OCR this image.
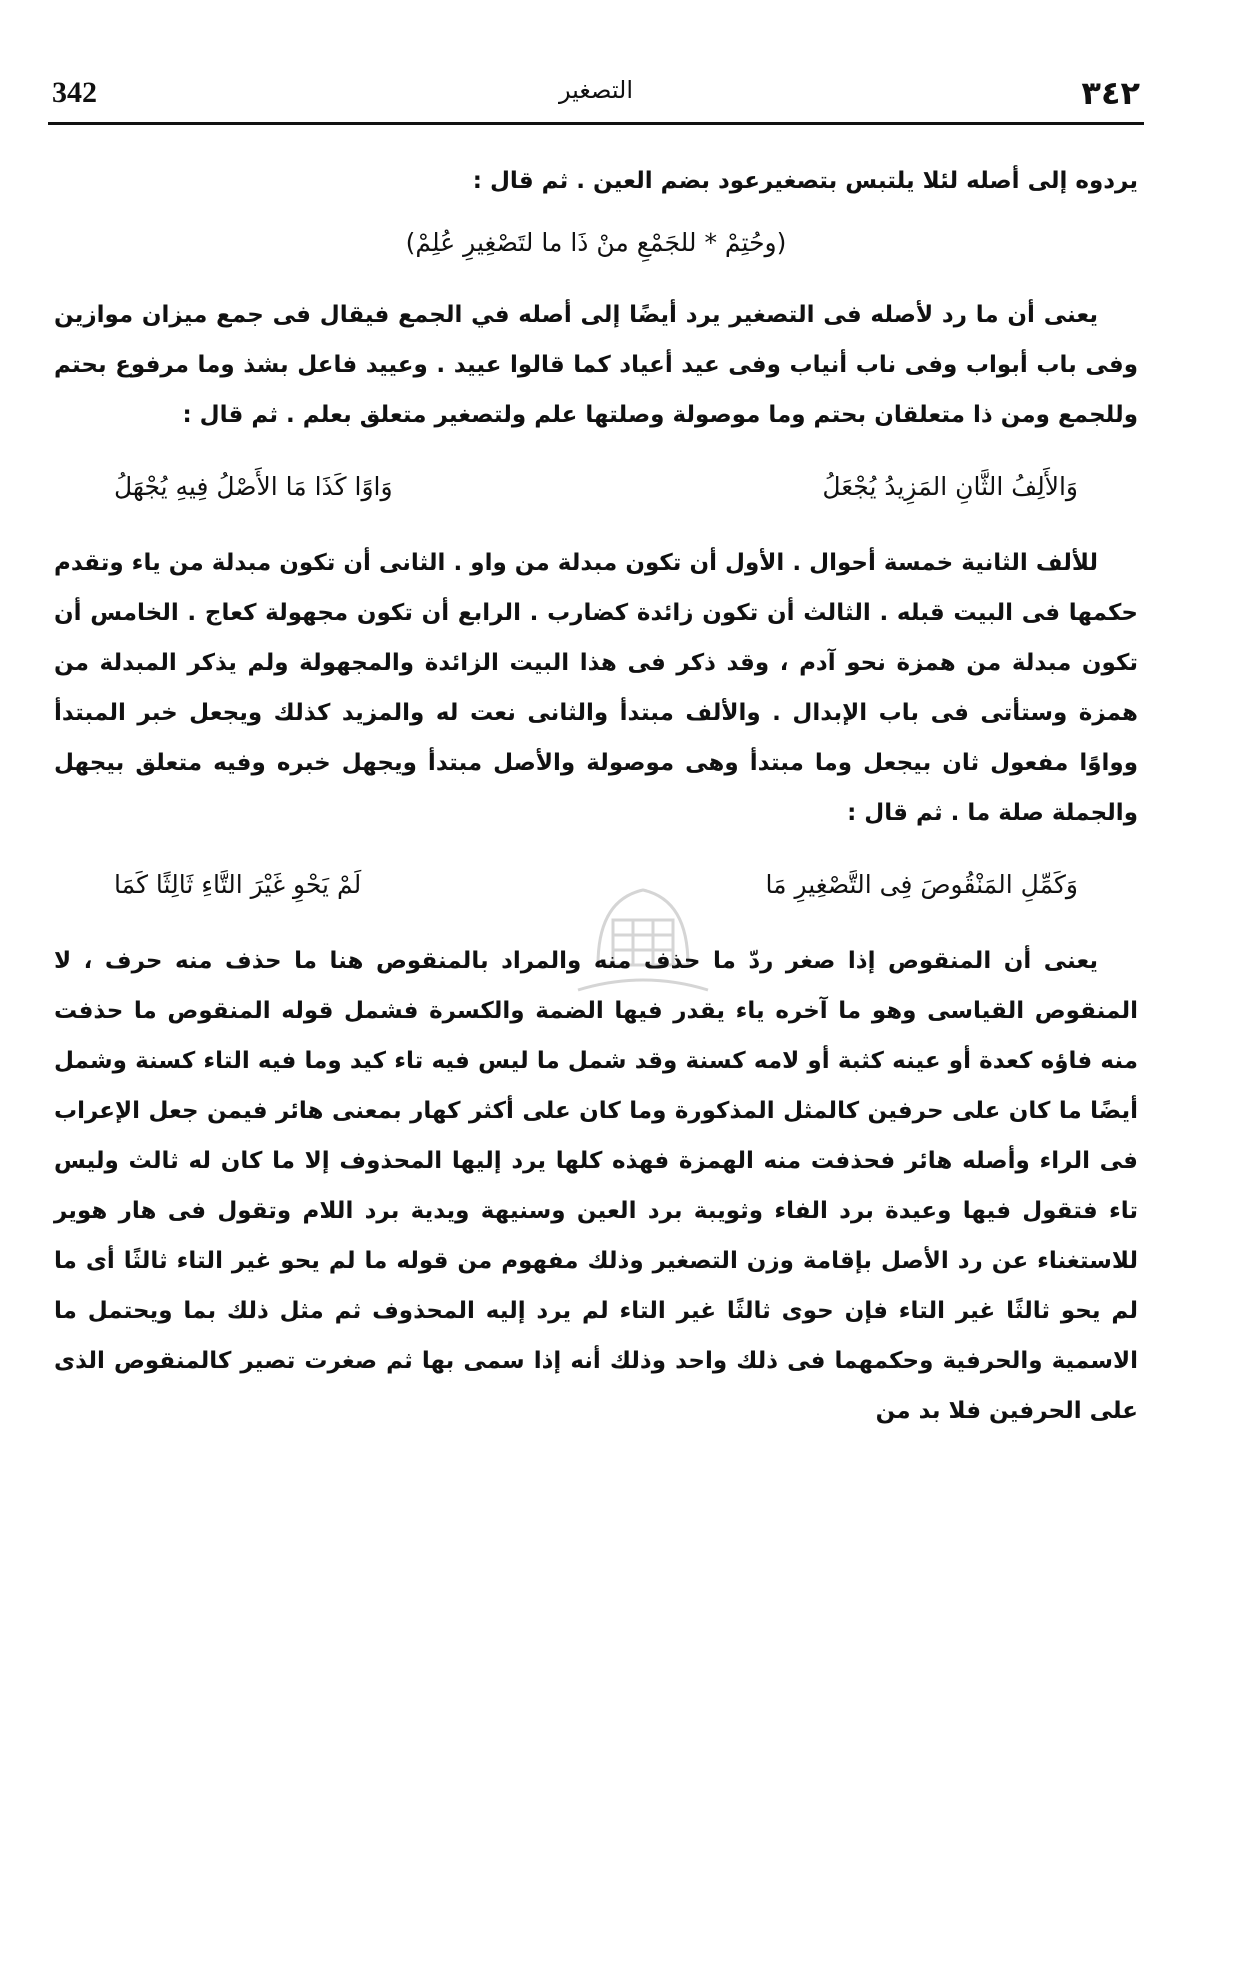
342	التصغير	٣٤٢

يردوه إلى أصله لئلا يلتبس بتصغيرعود بضم العين . ثم قال :

(وحُتِمْ * للجَمْعِ منْ ذَا ما لتَصْغِيرِ عُلِمْ)

يعنى أن ما رد لأصله فى التصغير يرد أيضًا إلى أصله في الجمع فيقال فى جمع ميزان موازين وفى باب أبواب وفى ناب أنياب وفى عيد أعياد كما قالوا عييد . وعييد فاعل بشذ وما مرفوع بحتم وللجمع ومن ذا متعلقان بحتم وما موصولة وصلتها علم ولتصغير متعلق بعلم . ثم قال :

وَالأَلِفُ الثَّانِ المَزِيدُ يُجْعَلُ
وَاوًا كَذَا مَا الأَصْلُ فِيهِ يُجْهَلُ

للألف الثانية خمسة أحوال . الأول أن تكون مبدلة من واو . الثانى أن تكون مبدلة من ياء وتقدم حكمها فى البيت قبله . الثالث أن تكون زائدة كضارب . الرابع أن تكون مجهولة كعاج . الخامس أن تكون مبدلة من همزة نحو آدم ، وقد ذكر فى هذا البيت الزائدة والمجهولة ولم يذكر المبدلة من همزة وستأتى فى باب الإبدال . والألف مبتدأ والثانى نعت له والمزيد كذلك ويجعل خبر المبتدأ وواوًا مفعول ثان بيجعل وما مبتدأ وهى موصولة والأصل مبتدأ ويجهل خبره وفيه متعلق بيجهل والجملة صلة ما . ثم قال :

وَكَمِّلِ المَنْقُوصَ فِى التَّصْغِيرِ مَا
لَمْ يَحْوِ غَيْرَ التَّاءِ ثَالِثًا كَمَا

يعنى أن المنقوص إذا صغر ردّ ما حذف منه والمراد بالمنقوص هنا ما حذف منه حرف ، لا المنقوص القياسى وهو ما آخره ياء يقدر فيها الضمة والكسرة فشمل قوله المنقوص ما حذفت منه فاؤه كعدة أو عينه كثبة أو لامه كسنة وقد شمل ما ليس فيه تاء كيد وما فيه التاء كسنة وشمل أيضًا ما كان على حرفين كالمثل المذكورة وما كان على أكثر كهار بمعنى هائر فيمن جعل الإعراب فى الراء وأصله هائر فحذفت منه الهمزة فهذه كلها يرد إليها المحذوف إلا ما كان له ثالث وليس تاء فتقول فيها وعيدة برد الفاء وثويبة برد العين وسنيهة ويدية برد اللام وتقول فى هار هوير للاستغناء عن رد الأصل بإقامة وزن التصغير وذلك مفهوم من قوله ما لم يحو غير التاء ثالثًا أى ما لم يحو ثالثًا غير التاء فإن حوى ثالثًا غير التاء لم يرد إليه المحذوف ثم مثل ذلك بما ويحتمل ما الاسمية والحرفية وحكمهما فى ذلك واحد وذلك أنه إذا سمى بها ثم صغرت تصير كالمنقوص الذى على الحرفين فلا بد من
